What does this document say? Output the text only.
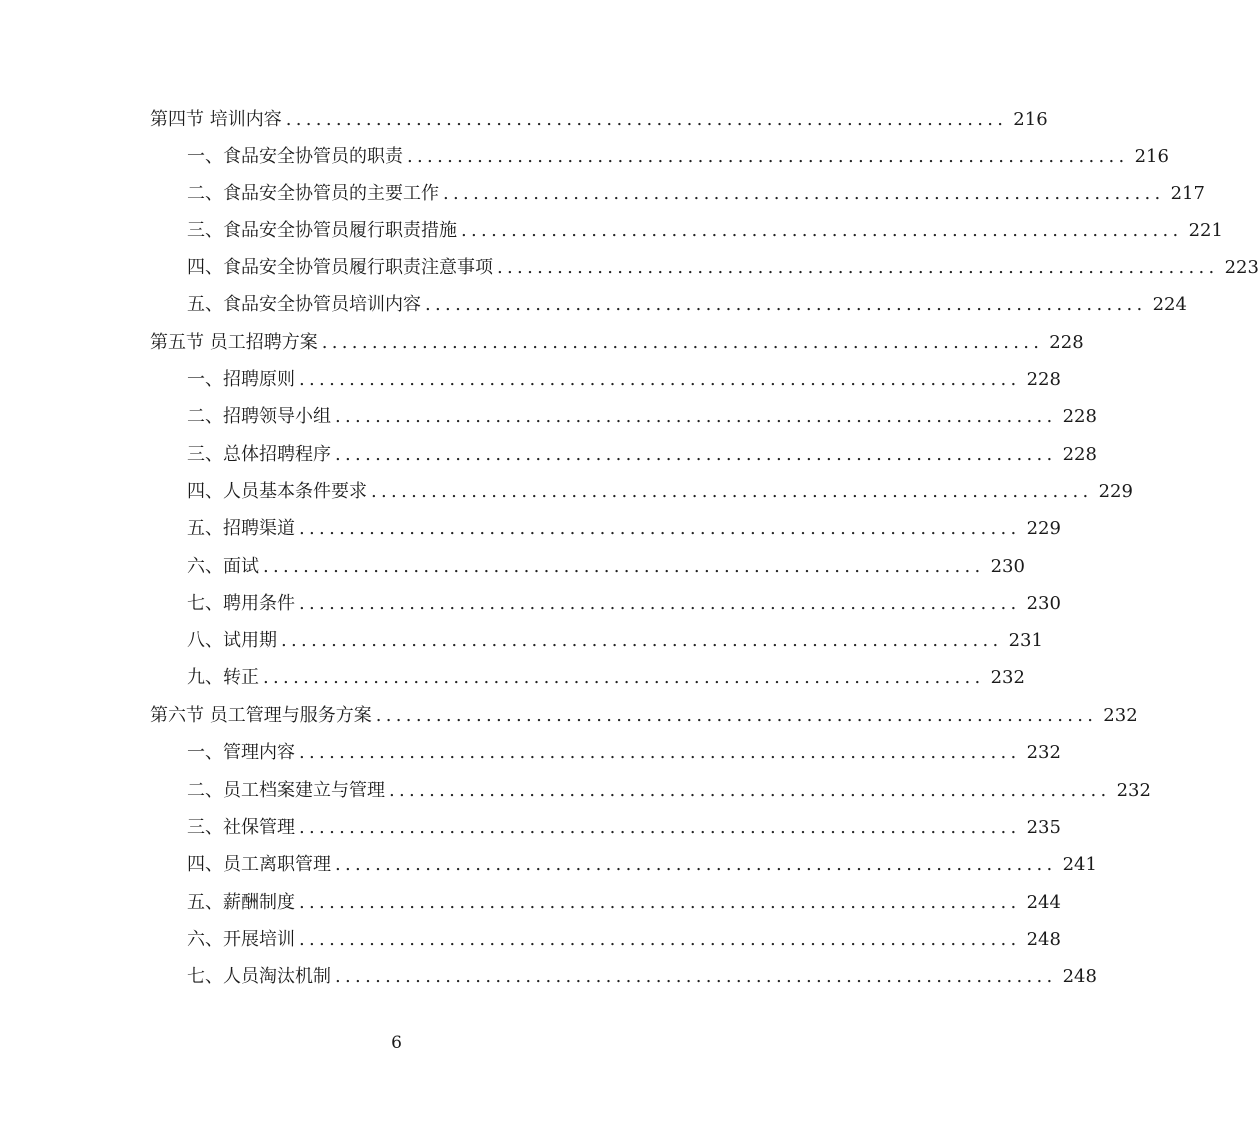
第四节 培训内容 ........................................................................ 216
一、食品安全协管员的职责 ........................................................................ 216
二、食品安全协管员的主要工作 ........................................................................ 217
三、食品安全协管员履行职责措施 ........................................................................ 221
四、食品安全协管员履行职责注意事项 ........................................................................ 223
五、食品安全协管员培训内容 ........................................................................ 224
第五节 员工招聘方案 ........................................................................ 228
一、招聘原则 ........................................................................ 228
二、招聘领导小组 ........................................................................ 228
三、总体招聘程序 ........................................................................ 228
四、人员基本条件要求 ........................................................................ 229
五、招聘渠道 ........................................................................ 229
六、面试 ........................................................................ 230
七、聘用条件 ........................................................................ 230
八、试用期 ........................................................................ 231
九、转正 ........................................................................ 232
第六节 员工管理与服务方案 ........................................................................ 232
一、管理内容 ........................................................................ 232
二、员工档案建立与管理 ........................................................................ 232
三、社保管理 ........................................................................ 235
四、员工离职管理 ........................................................................ 241
五、薪酬制度 ........................................................................ 244
六、开展培训 ........................................................................ 248
七、人员淘汰机制 ........................................................................ 248
6
